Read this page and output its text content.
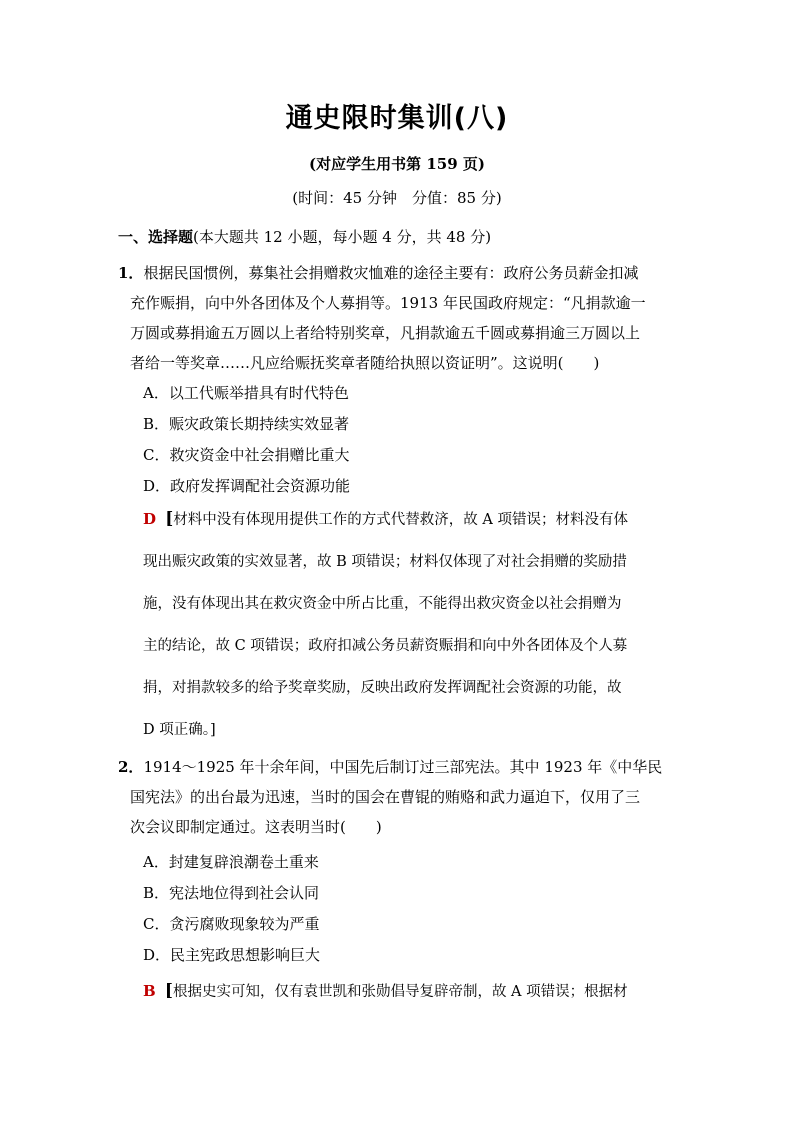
通史限时集训(八)
(对应学生用书第 159 页)
(时间：45 分钟　分值：85 分)
一、选择题(本大题共 12 小题，每小题 4 分，共 48 分)
1．根据民国惯例，募集社会捐赠救灾恤难的途径主要有：政府公务员薪金扣减
充作赈捐，向中外各团体及个人募捐等。1913 年民国政府规定：“凡捐款逾一
万圆或募捐逾五万圆以上者给特别奖章，凡捐款逾五千圆或募捐逾三万圆以上
者给一等奖章……凡应给赈抚奖章者随给执照以资证明”。这说明(　　)
A．以工代赈举措具有时代特色
B．赈灾政策长期持续实效显著
C．救灾资金中社会捐赠比重大
D．政府发挥调配社会资源功能
D [材料中没有体现用提供工作的方式代替救济，故 A 项错误；材料没有体
现出赈灾政策的实效显著，故 B 项错误；材料仅体现了对社会捐赠的奖励措
施，没有体现出其在救灾资金中所占比重，不能得出救灾资金以社会捐赠为
主的结论，故 C 项错误；政府扣减公务员薪资赈捐和向中外各团体及个人募
捐，对捐款较多的给予奖章奖励，反映出政府发挥调配社会资源的功能，故
D 项正确。]
2．1914～1925 年十余年间，中国先后制订过三部宪法。其中 1923 年《中华民
国宪法》的出台最为迅速，当时的国会在曹锟的贿赂和武力逼迫下，仅用了三
次会议即制定通过。这表明当时(　　)
A．封建复辟浪潮卷土重来
B．宪法地位得到社会认同
C．贪污腐败现象较为严重
D．民主宪政思想影响巨大
B [根据史实可知，仅有袁世凯和张勋倡导复辟帝制，故 A 项错误；根据材
